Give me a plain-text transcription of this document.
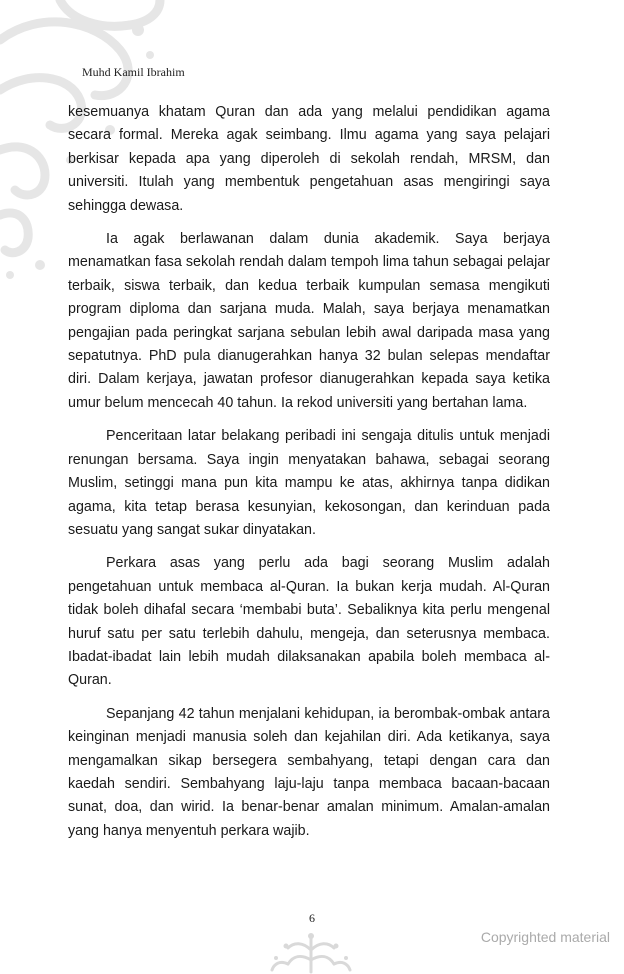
Muhd Kamil Ibrahim

kesemuanya khatam Quran dan ada yang melalui pendidikan agama secara formal. Mereka agak seimbang. Ilmu agama yang saya pelajari berkisar kepada apa yang diperoleh di sekolah rendah, MRSM, dan universiti. Itulah yang membentuk pengetahuan asas mengiringi saya sehingga dewasa.

Ia agak berlawanan dalam dunia akademik. Saya berjaya menamatkan fasa sekolah rendah dalam tempoh lima tahun sebagai pelajar terbaik, siswa terbaik, dan kedua terbaik kumpulan semasa mengikuti program diploma dan sarjana muda. Malah, saya berjaya menamatkan pengajian pada peringkat sarjana sebulan lebih awal daripada masa yang sepatutnya. PhD pula dianugerahkan hanya 32 bulan selepas mendaftar diri. Dalam kerjaya, jawatan profesor dianugerahkan kepada saya ketika umur belum mencecah 40 tahun. Ia rekod universiti yang bertahan lama.

Penceritaan latar belakang peribadi ini sengaja ditulis untuk menjadi renungan bersama. Saya ingin menyatakan bahawa, sebagai seorang Muslim, setinggi mana pun kita mampu ke atas, akhirnya tanpa didikan agama, kita tetap berasa kesunyian, kekosongan, dan kerinduan pada sesuatu yang sangat sukar dinyatakan.

Perkara asas yang perlu ada bagi seorang Muslim adalah pengetahuan untuk membaca al-Quran. Ia bukan kerja mudah. Al-Quran tidak boleh dihafal secara ‘membabi buta’. Sebaliknya kita perlu mengenal huruf satu per satu terlebih dahulu, mengeja, dan seterusnya membaca. Ibadat-ibadat lain lebih mudah dilaksanakan apabila boleh membaca al-Quran.

Sepanjang 42 tahun menjalani kehidupan, ia berombak-ombak antara keinginan menjadi manusia soleh dan kejahilan diri. Ada ketikanya, saya mengamalkan sikap bersegera sembahyang, tetapi dengan cara dan kaedah sendiri. Sembahyang laju-laju tanpa membaca bacaan-bacaan sunat, doa, dan wirid. Ia benar-benar amalan minimum. Amalan-amalan yang hanya menyentuh perkara wajib.

6
Copyrighted material
